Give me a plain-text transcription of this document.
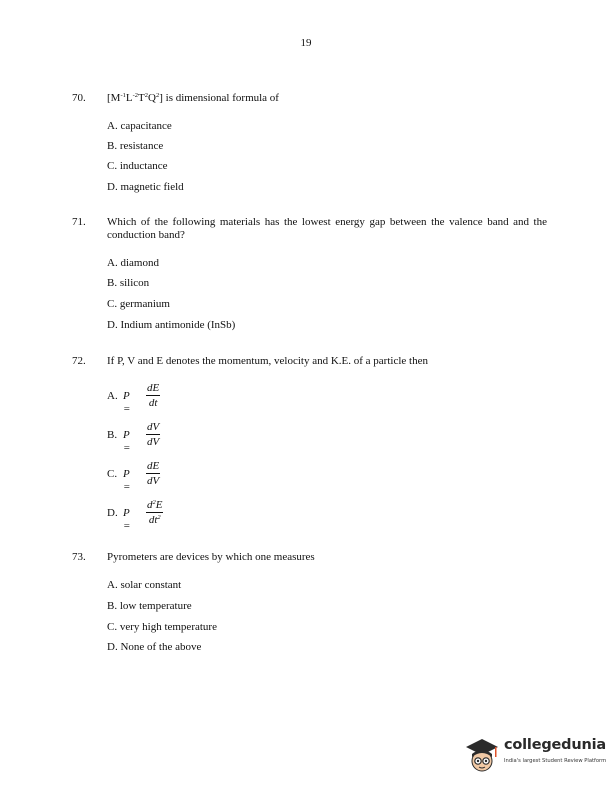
19
70. $[M^{-1}L^{-2}T^2Q^2]$ is dimensional formula of
A. capacitance
B. resistance
C. inductance
D. magnetic field
71. Which of the following materials has the lowest energy gap between the valence band and the conduction band?
A. diamond
B. silicon
C. germanium
D. Indium antimonide (InSb)
72. If P, V and E denotes the momentum, velocity and K.E. of a particle then
A. P =
dE
dt
B. P =
dV
dV
C. P =
dE
dV
D. P =
$d^2E$
$dt^2$
73. Pyrometers are devices by which one measures
A. solar constant
B. low temperature
C. very high temperature
D. None of the above
collegedunia
India's largest Student Review Platform
